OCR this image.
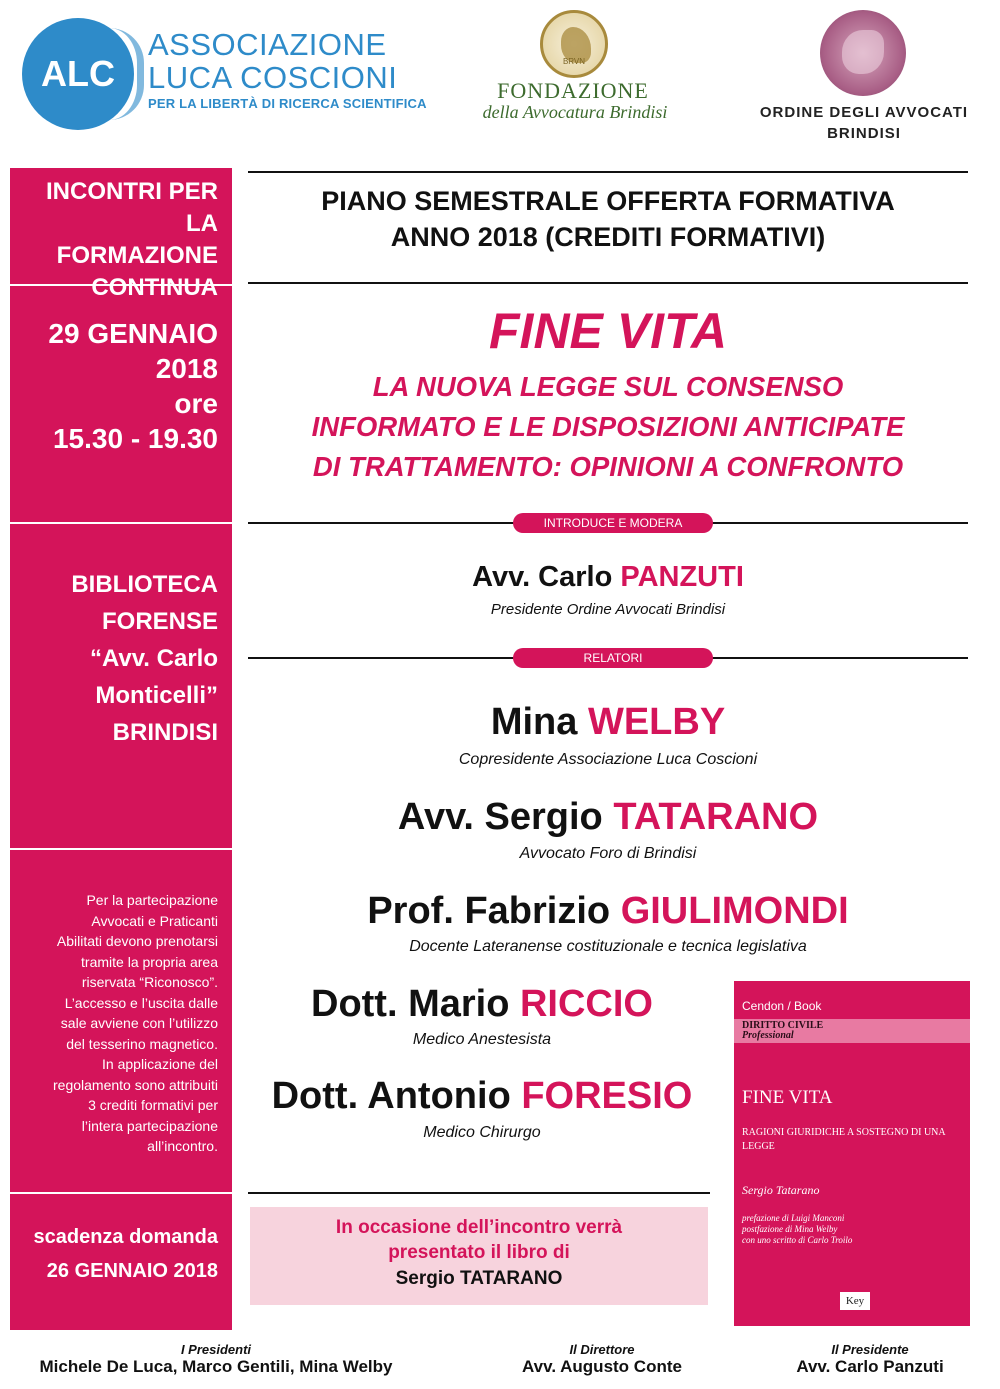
ALC
ASSOCIAZIONE
LUCA COSCIONI
PER LA LIBERTÀ DI RICERCA SCIENTIFICA
BRVN
FONDAZIONE
della Avvocatura Brindisi	ORDINE DEGLI AVVOCATI
BRINDISI
INCONTRI PER LA
FORMAZIONE
CONTINUA
29 GENNAIO
2018
ore
15.30 - 19.30
BIBLIOTECA
FORENSE
“Avv. Carlo
Monticelli”
BRINDISI
Per la partecipazione
Avvocati e Praticanti
Abilitati devono prenotarsi
tramite la propria area
riservata “Riconosco”.
L’accesso e l’uscita dalle
sale avviene con l’utilizzo
del tesserino magnetico.
In applicazione del
regolamento sono attribuiti
3 crediti formativi per
l’intera partecipazione
all’incontro.
scadenza domanda
26 GENNAIO 2018
PIANO SEMESTRALE OFFERTA FORMATIVA
ANNO 2018 (CREDITI FORMATIVI)
FINE VITA
LA NUOVA LEGGE SUL CONSENSO
INFORMATO E LE DISPOSIZIONI ANTICIPATE
DI TRATTAMENTO: OPINIONI A CONFRONTO
INTRODUCE E MODERA
Avv. Carlo PANZUTI
Presidente Ordine Avvocati Brindisi
RELATORI
Mina WELBY
Copresidente Associazione Luca Coscioni
Avv. Sergio TATARANO
Avvocato Foro di Brindisi
Prof. Fabrizio GIULIMONDI
Docente Lateranense costituzionale e tecnica legislativa
Dott. Mario RICCIO
Medico Anestesista
Dott. Antonio FORESIO
Medico Chirurgo
In occasione dell’incontro verrà
presentato il libro di
Sergio TATARANO
Cendon / Book
DIRITTO CIVILE
Professional
FINE VITA
RAGIONI GIURIDICHE A SOSTEGNO DI UNA
LEGGE
Sergio Tatarano
prefazione di Luigi Manconi
postfazione di Mina Welby
con uno scritto di Carlo Troilo
Key
I Presidenti
Michele De Luca, Marco Gentili, Mina Welby
Il Direttore
Avv. Augusto Conte
Il Presidente
Avv. Carlo Panzuti
